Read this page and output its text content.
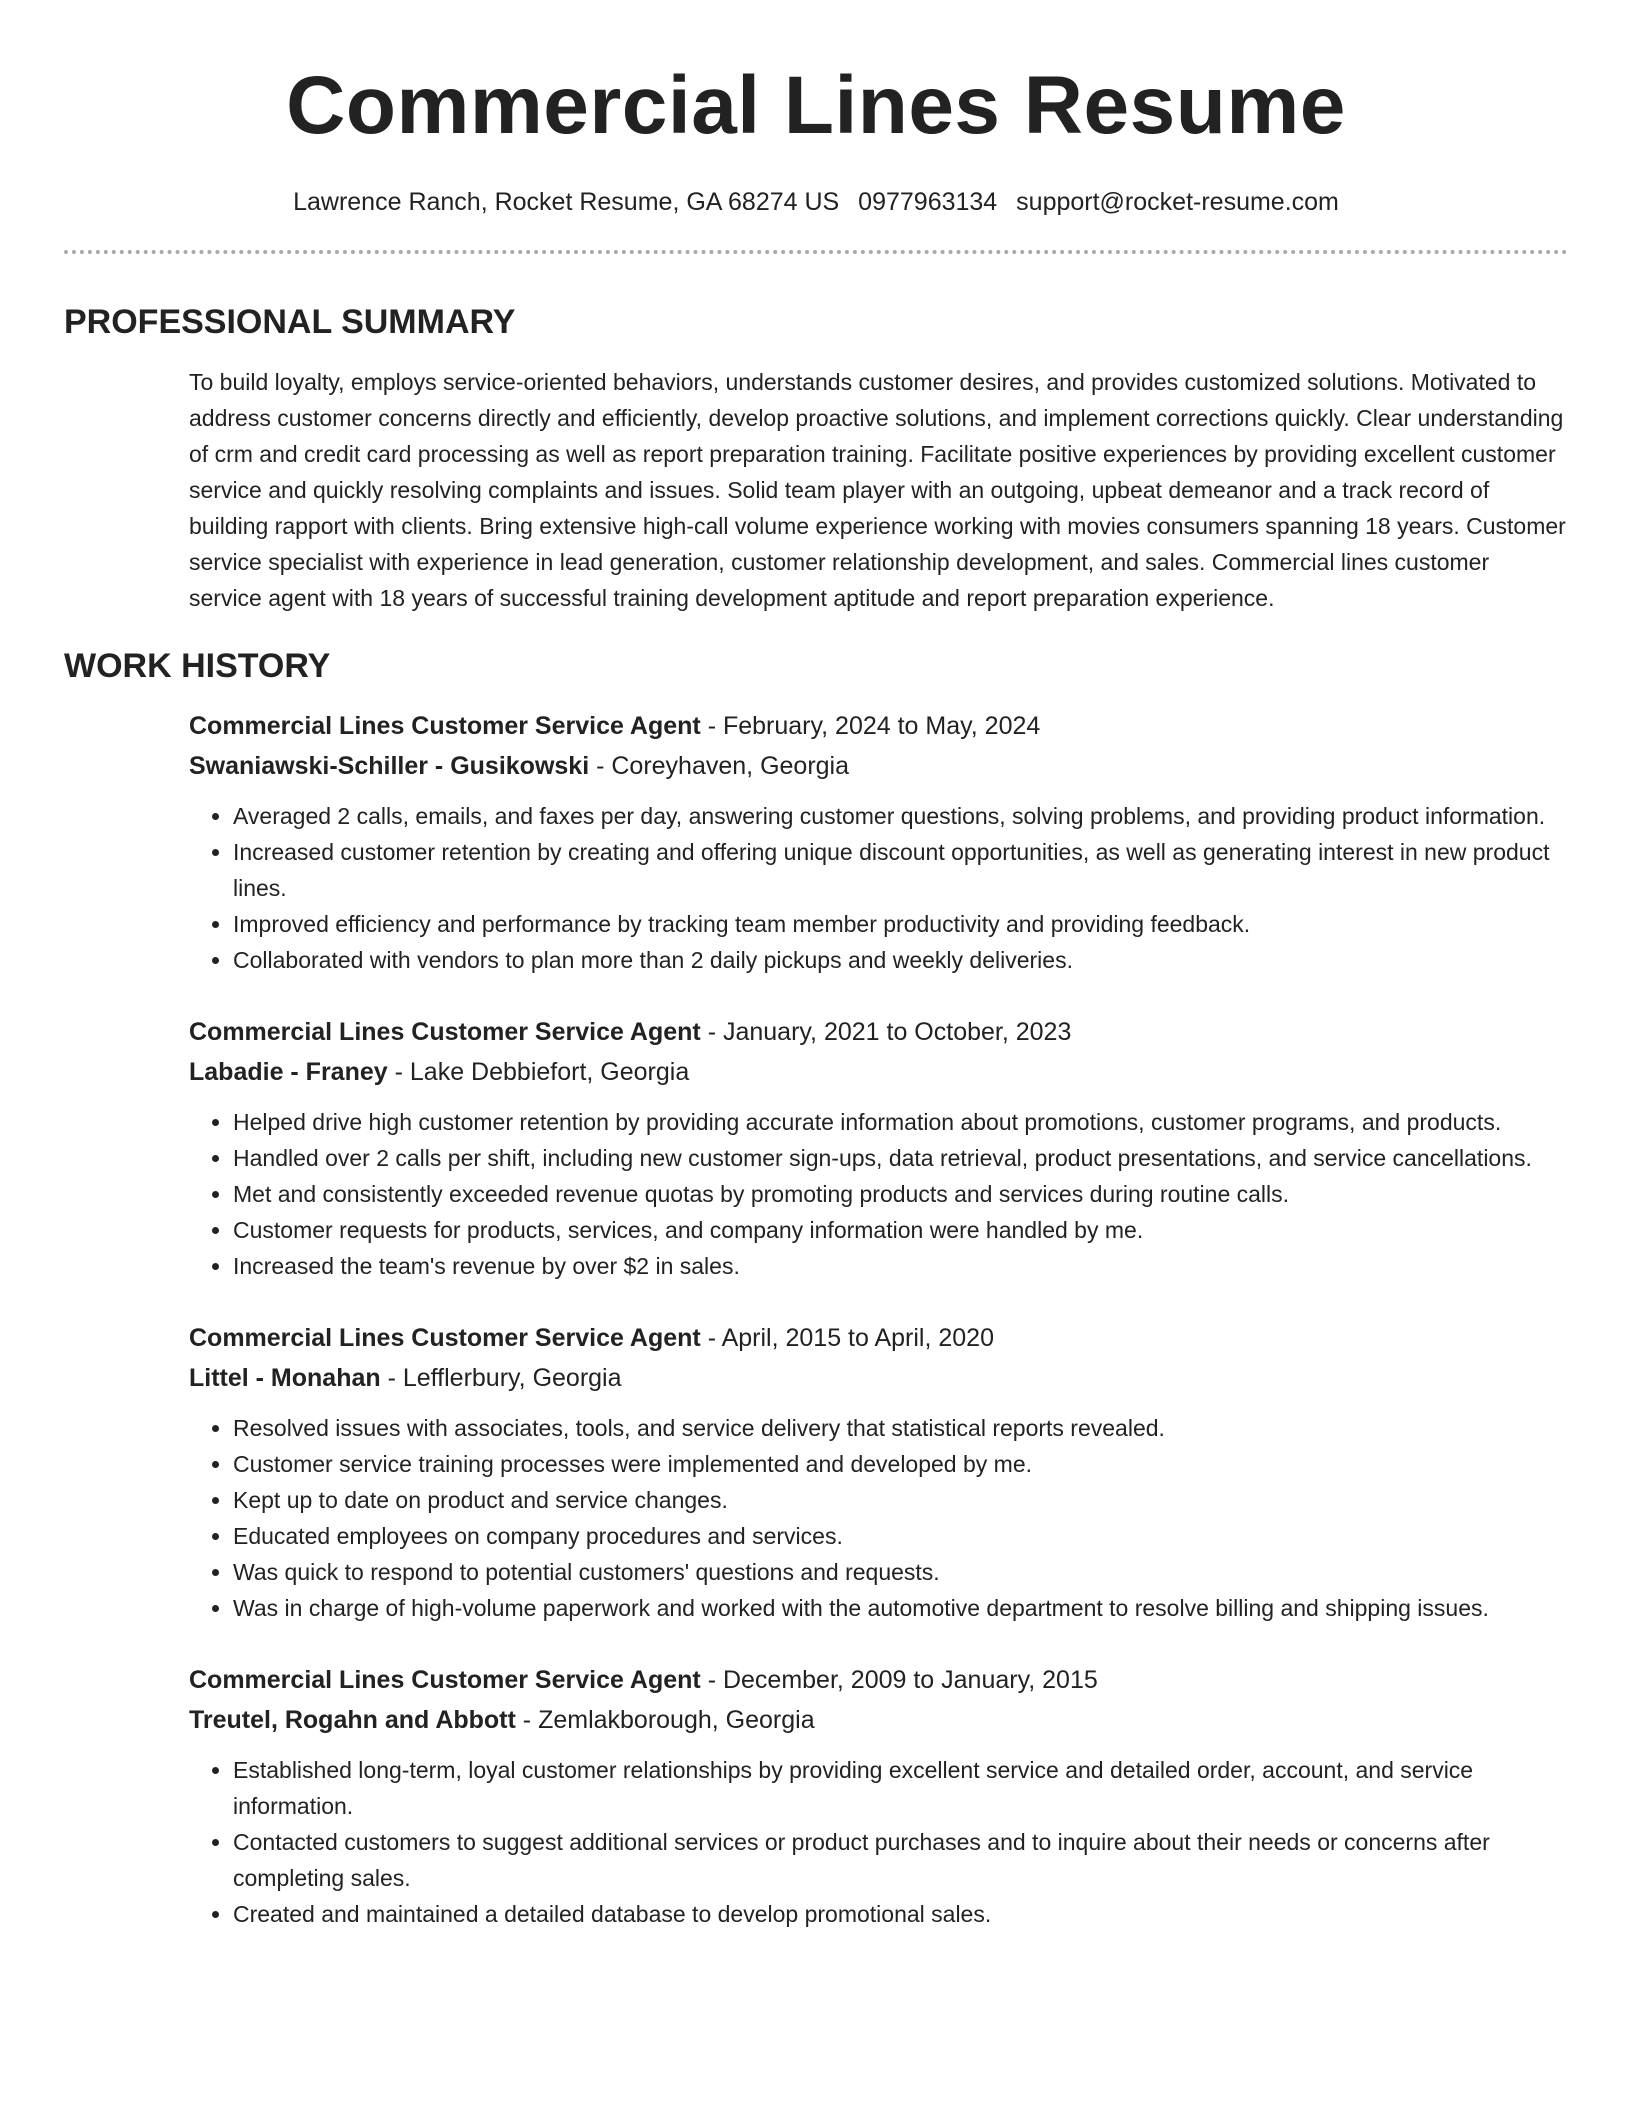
Commercial Lines Resume
Lawrence Ranch, Rocket Resume, GA 68274 US 0977963134 support@rocket-resume.com
PROFESSIONAL SUMMARY
To build loyalty, employs service-oriented behaviors, understands customer desires, and provides customized solutions. Motivated to address customer concerns directly and efficiently, develop proactive solutions, and implement corrections quickly. Clear understanding of crm and credit card processing as well as report preparation training. Facilitate positive experiences by providing excellent customer service and quickly resolving complaints and issues. Solid team player with an outgoing, upbeat demeanor and a track record of building rapport with clients. Bring extensive high-call volume experience working with movies consumers spanning 18 years. Customer service specialist with experience in lead generation, customer relationship development, and sales. Commercial lines customer service agent with 18 years of successful training development aptitude and report preparation experience.
WORK HISTORY
Commercial Lines Customer Service Agent - February, 2024 to May, 2024
Swaniawski-Schiller - Gusikowski - Coreyhaven, Georgia
• Averaged 2 calls, emails, and faxes per day, answering customer questions, solving problems, and providing product information.
• Increased customer retention by creating and offering unique discount opportunities, as well as generating interest in new product lines.
• Improved efficiency and performance by tracking team member productivity and providing feedback.
• Collaborated with vendors to plan more than 2 daily pickups and weekly deliveries.
Commercial Lines Customer Service Agent - January, 2021 to October, 2023
Labadie - Franey - Lake Debbiefort, Georgia
• Helped drive high customer retention by providing accurate information about promotions, customer programs, and products.
• Handled over 2 calls per shift, including new customer sign-ups, data retrieval, product presentations, and service cancellations.
• Met and consistently exceeded revenue quotas by promoting products and services during routine calls.
• Customer requests for products, services, and company information were handled by me.
• Increased the team's revenue by over $2 in sales.
Commercial Lines Customer Service Agent - April, 2015 to April, 2020
Littel - Monahan - Lefflerbury, Georgia
• Resolved issues with associates, tools, and service delivery that statistical reports revealed.
• Customer service training processes were implemented and developed by me.
• Kept up to date on product and service changes.
• Educated employees on company procedures and services.
• Was quick to respond to potential customers' questions and requests.
• Was in charge of high-volume paperwork and worked with the automotive department to resolve billing and shipping issues.
Commercial Lines Customer Service Agent - December, 2009 to January, 2015
Treutel, Rogahn and Abbott - Zemlakborough, Georgia
• Established long-term, loyal customer relationships by providing excellent service and detailed order, account, and service information.
• Contacted customers to suggest additional services or product purchases and to inquire about their needs or concerns after completing sales.
• Created and maintained a detailed database to develop promotional sales.
